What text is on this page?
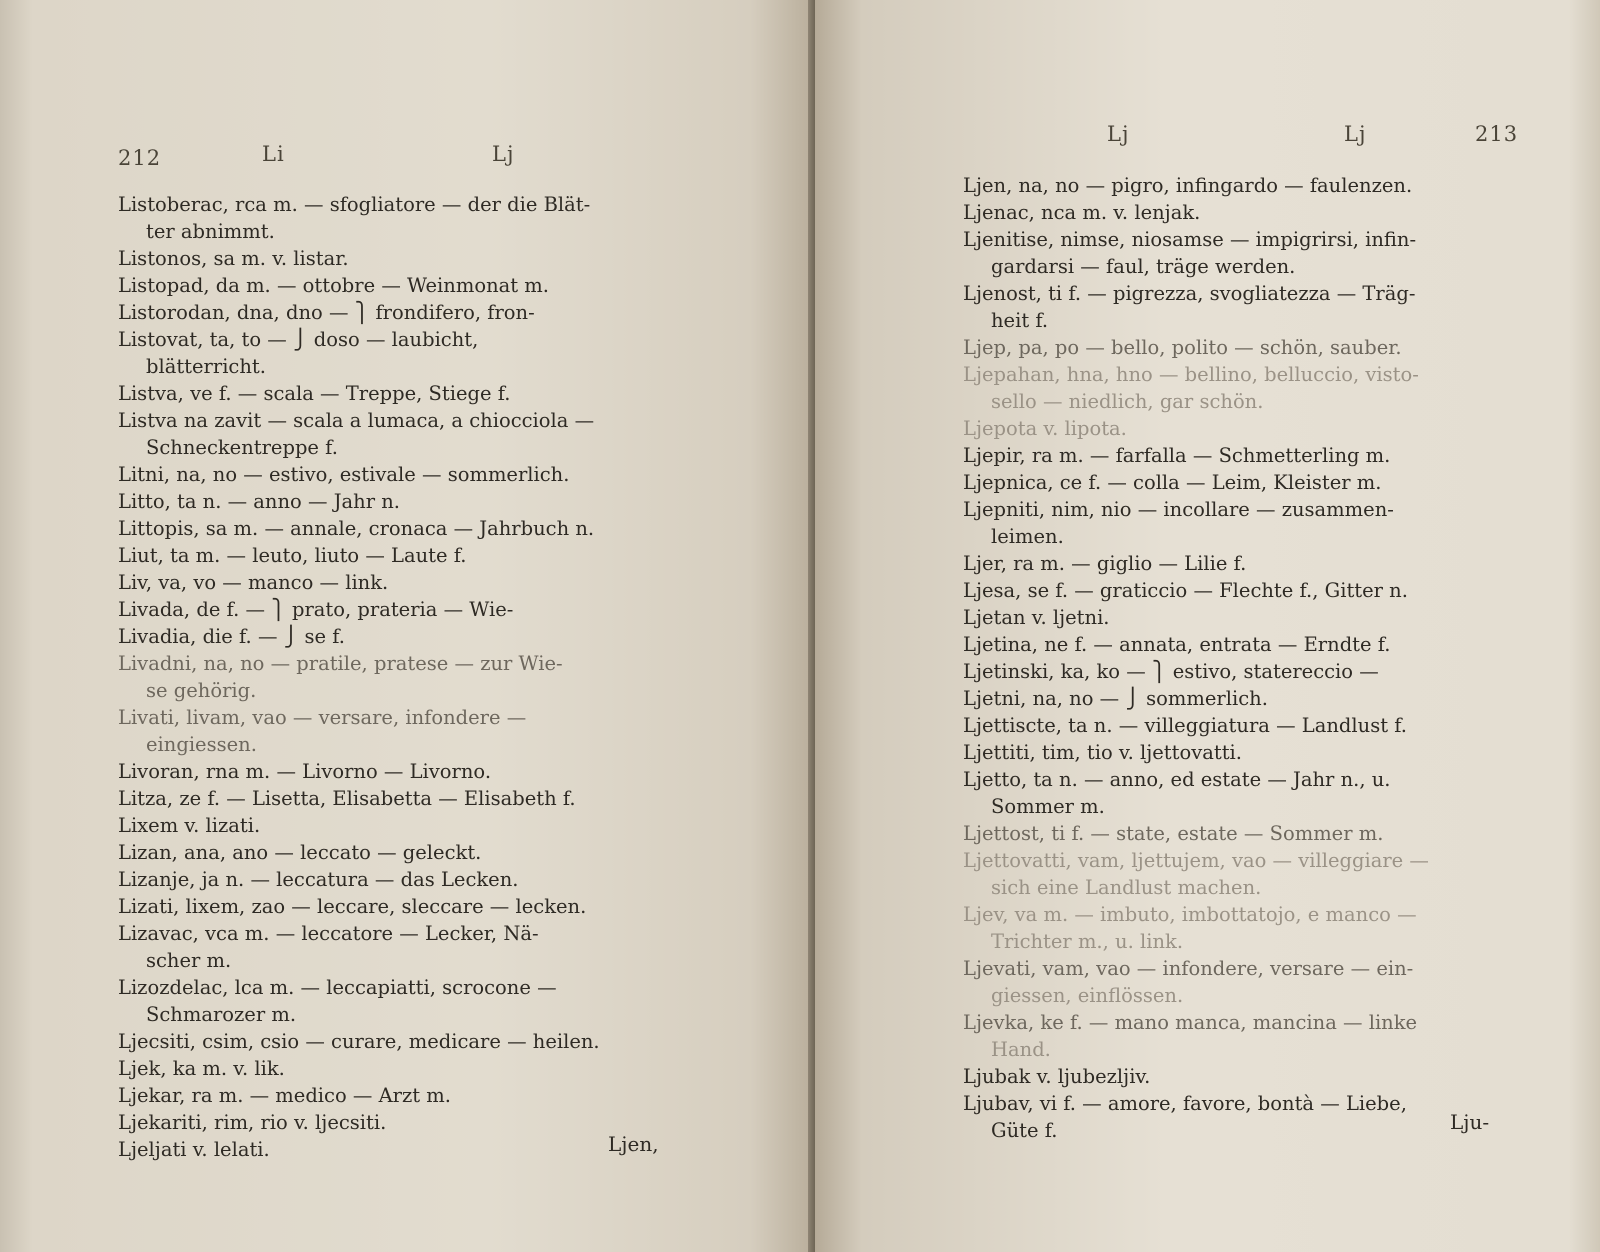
212	Li	Lj
Listoberac, rca m. — sfogliatore — der die Blät-
ter abnimmt.
Listonos, sa m. v. listar.
Listopad, da m. — ottobre — Weinmonat m.
Listorodan, dna, dno — ⎫ frondifero, fron-
Listovat, ta, to — ⎭ doso — laubicht,
blätterricht.
Listva, ve f. — scala — Treppe, Stiege f.
Listva na zavit — scala a lumaca, a chiocciola —
Schneckentreppe f.
Litni, na, no — estivo, estivale — sommerlich.
Litto, ta n. — anno — Jahr n.
Littopis, sa m. — annale, cronaca — Jahrbuch n.
Liut, ta m. — leuto, liuto — Laute f.
Liv, va, vo — manco — link.
Livada, de f. — ⎫ prato, prateria — Wie-
Livadia, die f. — ⎭ se f.
Livadni, na, no — pratile, pratese — zur Wie-
se gehörig.
Livati, livam, vao — versare, infondere —
eingiessen.
Livoran, rna m. — Livorno — Livorno.
Litza, ze f. — Lisetta, Elisabetta — Elisabeth f.
Lixem v. lizati.
Lizan, ana, ano — leccato — geleckt.
Lizanje, ja n. — leccatura — das Lecken.
Lizati, lixem, zao — leccare, sleccare — lecken.
Lizavac, vca m. — leccatore — Lecker, Nä-
scher m.
Lizozdelac, lca m. — leccapiatti, scrocone —
Schmarozer m.
Ljecsiti, csim, csio — curare, medicare — heilen.
Ljek, ka m. v. lik.
Ljekar, ra m. — medico — Arzt m.
Ljekariti, rim, rio v. ljecsiti.
Ljeljati v. lelati.	Ljen,
Lj	Lj	213
Ljen, na, no — pigro, infingardo — faulenzen.
Ljenac, nca m. v. lenjak.
Ljenitise, nimse, niosamse — impigrirsi, infin-
gardarsi — faul, träge werden.
Ljenost, ti f. — pigrezza, svogliatezza — Träg-
heit f.
Ljep, pa, po — bello, polito — schön, sauber.
Ljepahan, hna, hno — bellino, belluccio, visto-
sello — niedlich, gar schön.
Ljepota v. lipota.
Ljepir, ra m. — farfalla — Schmetterling m.
Ljepnica, ce f. — colla — Leim, Kleister m.
Ljepniti, nim, nio — incollare — zusammen-
leimen.
Ljer, ra m. — giglio — Lilie f.
Ljesa, se f. — graticcio — Flechte f., Gitter n.
Ljetan v. ljetni.
Ljetina, ne f. — annata, entrata — Erndte f.
Ljetinski, ka, ko — ⎫ estivo, statereccio —
Ljetni, na, no — ⎭ sommerlich.
Ljettiscte, ta n. — villeggiatura — Landlust f.
Ljettiti, tim, tio v. ljettovatti.
Ljetto, ta n. — anno, ed estate — Jahr n., u.
Sommer m.
Ljettost, ti f. — state, estate — Sommer m.
Ljettovatti, vam, ljettujem, vao — villeggiare —
sich eine Landlust machen.
Ljev, va m. — imbuto, imbottatojo, e manco —
Trichter m., u. link.
Ljevati, vam, vao — infondere, versare — ein-
giessen, einflössen.
Ljevka, ke f. — mano manca, mancina — linke
Hand.
Ljubak v. ljubezljiv.
Ljubav, vi f. — amore, favore, bontà — Liebe,
Güte f.	Lju-
